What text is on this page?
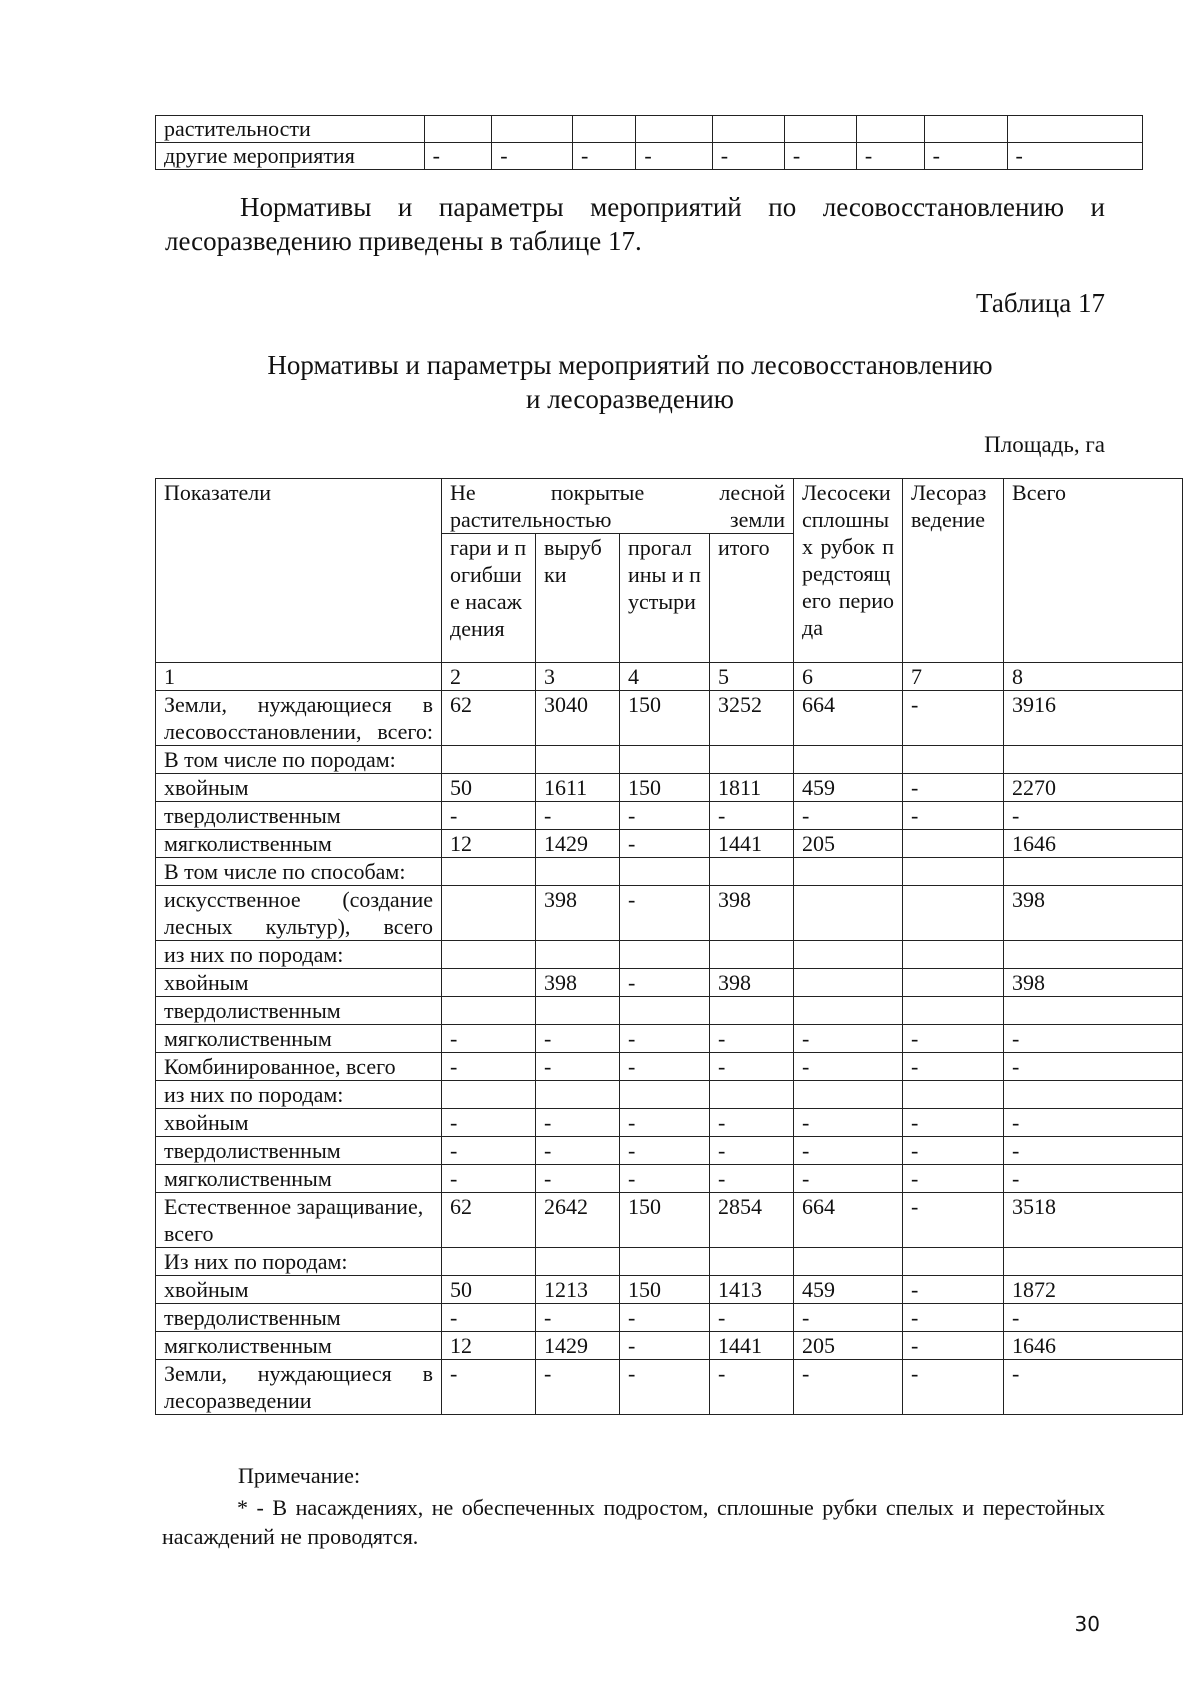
растительности									
другие мероприятия	-	-	-	-	-	-	-	-	-
Нормативы и параметры мероприятий по лесовосстановлению и лесоразведению приведены в таблице 17.
Таблица 17
Нормативы и параметры мероприятий по лесовосстановлению
и лесоразведению
Площадь, га
Показатели	Не покрытые лесной растительностью земли				Лесосеки сплошных рубок предстоящего периода	Лесоразведение	Всего
	гари и погибшие насаждения	вырубки	прогалины и пустыри	итого			
1	2	3	4	5	6	7	8
Земли, нуждающиеся в лесовосстановлении, всего:	62	3040	150	3252	664	-	3916
В том числе по породам:							
хвойным	50	1611	150	1811	459	-	2270
твердолиственным	-	-	-	-	-	-	-
мягколиственным	12	1429	-	1441	205		1646
В том числе по способам:							
искусственное (создание лесных культур), всего		398	-	398			398
из них по породам:							
хвойным		398	-	398			398
твердолиственным							
мягколиственным	-	-	-	-	-	-	-
Комбинированное, всего	-	-	-	-	-	-	-
из них по породам:							
хвойным	-	-	-	-	-	-	-
твердолиственным	-	-	-	-	-	-	-
мягколиственным	-	-	-	-	-	-	-
Естественное заращивание, всего	62	2642	150	2854	664	-	3518
Из них по породам:							
хвойным	50	1213	150	1413	459	-	1872
твердолиственным	-	-	-	-	-	-	-
мягколиственным	12	1429	-	1441	205	-	1646
Земли, нуждающиеся в лесоразведении	-	-	-	-	-	-	-
Примечание:
* - В насаждениях, не обеспеченных подростом, сплошные рубки спелых и перестойных насаждений не проводятся.
30
